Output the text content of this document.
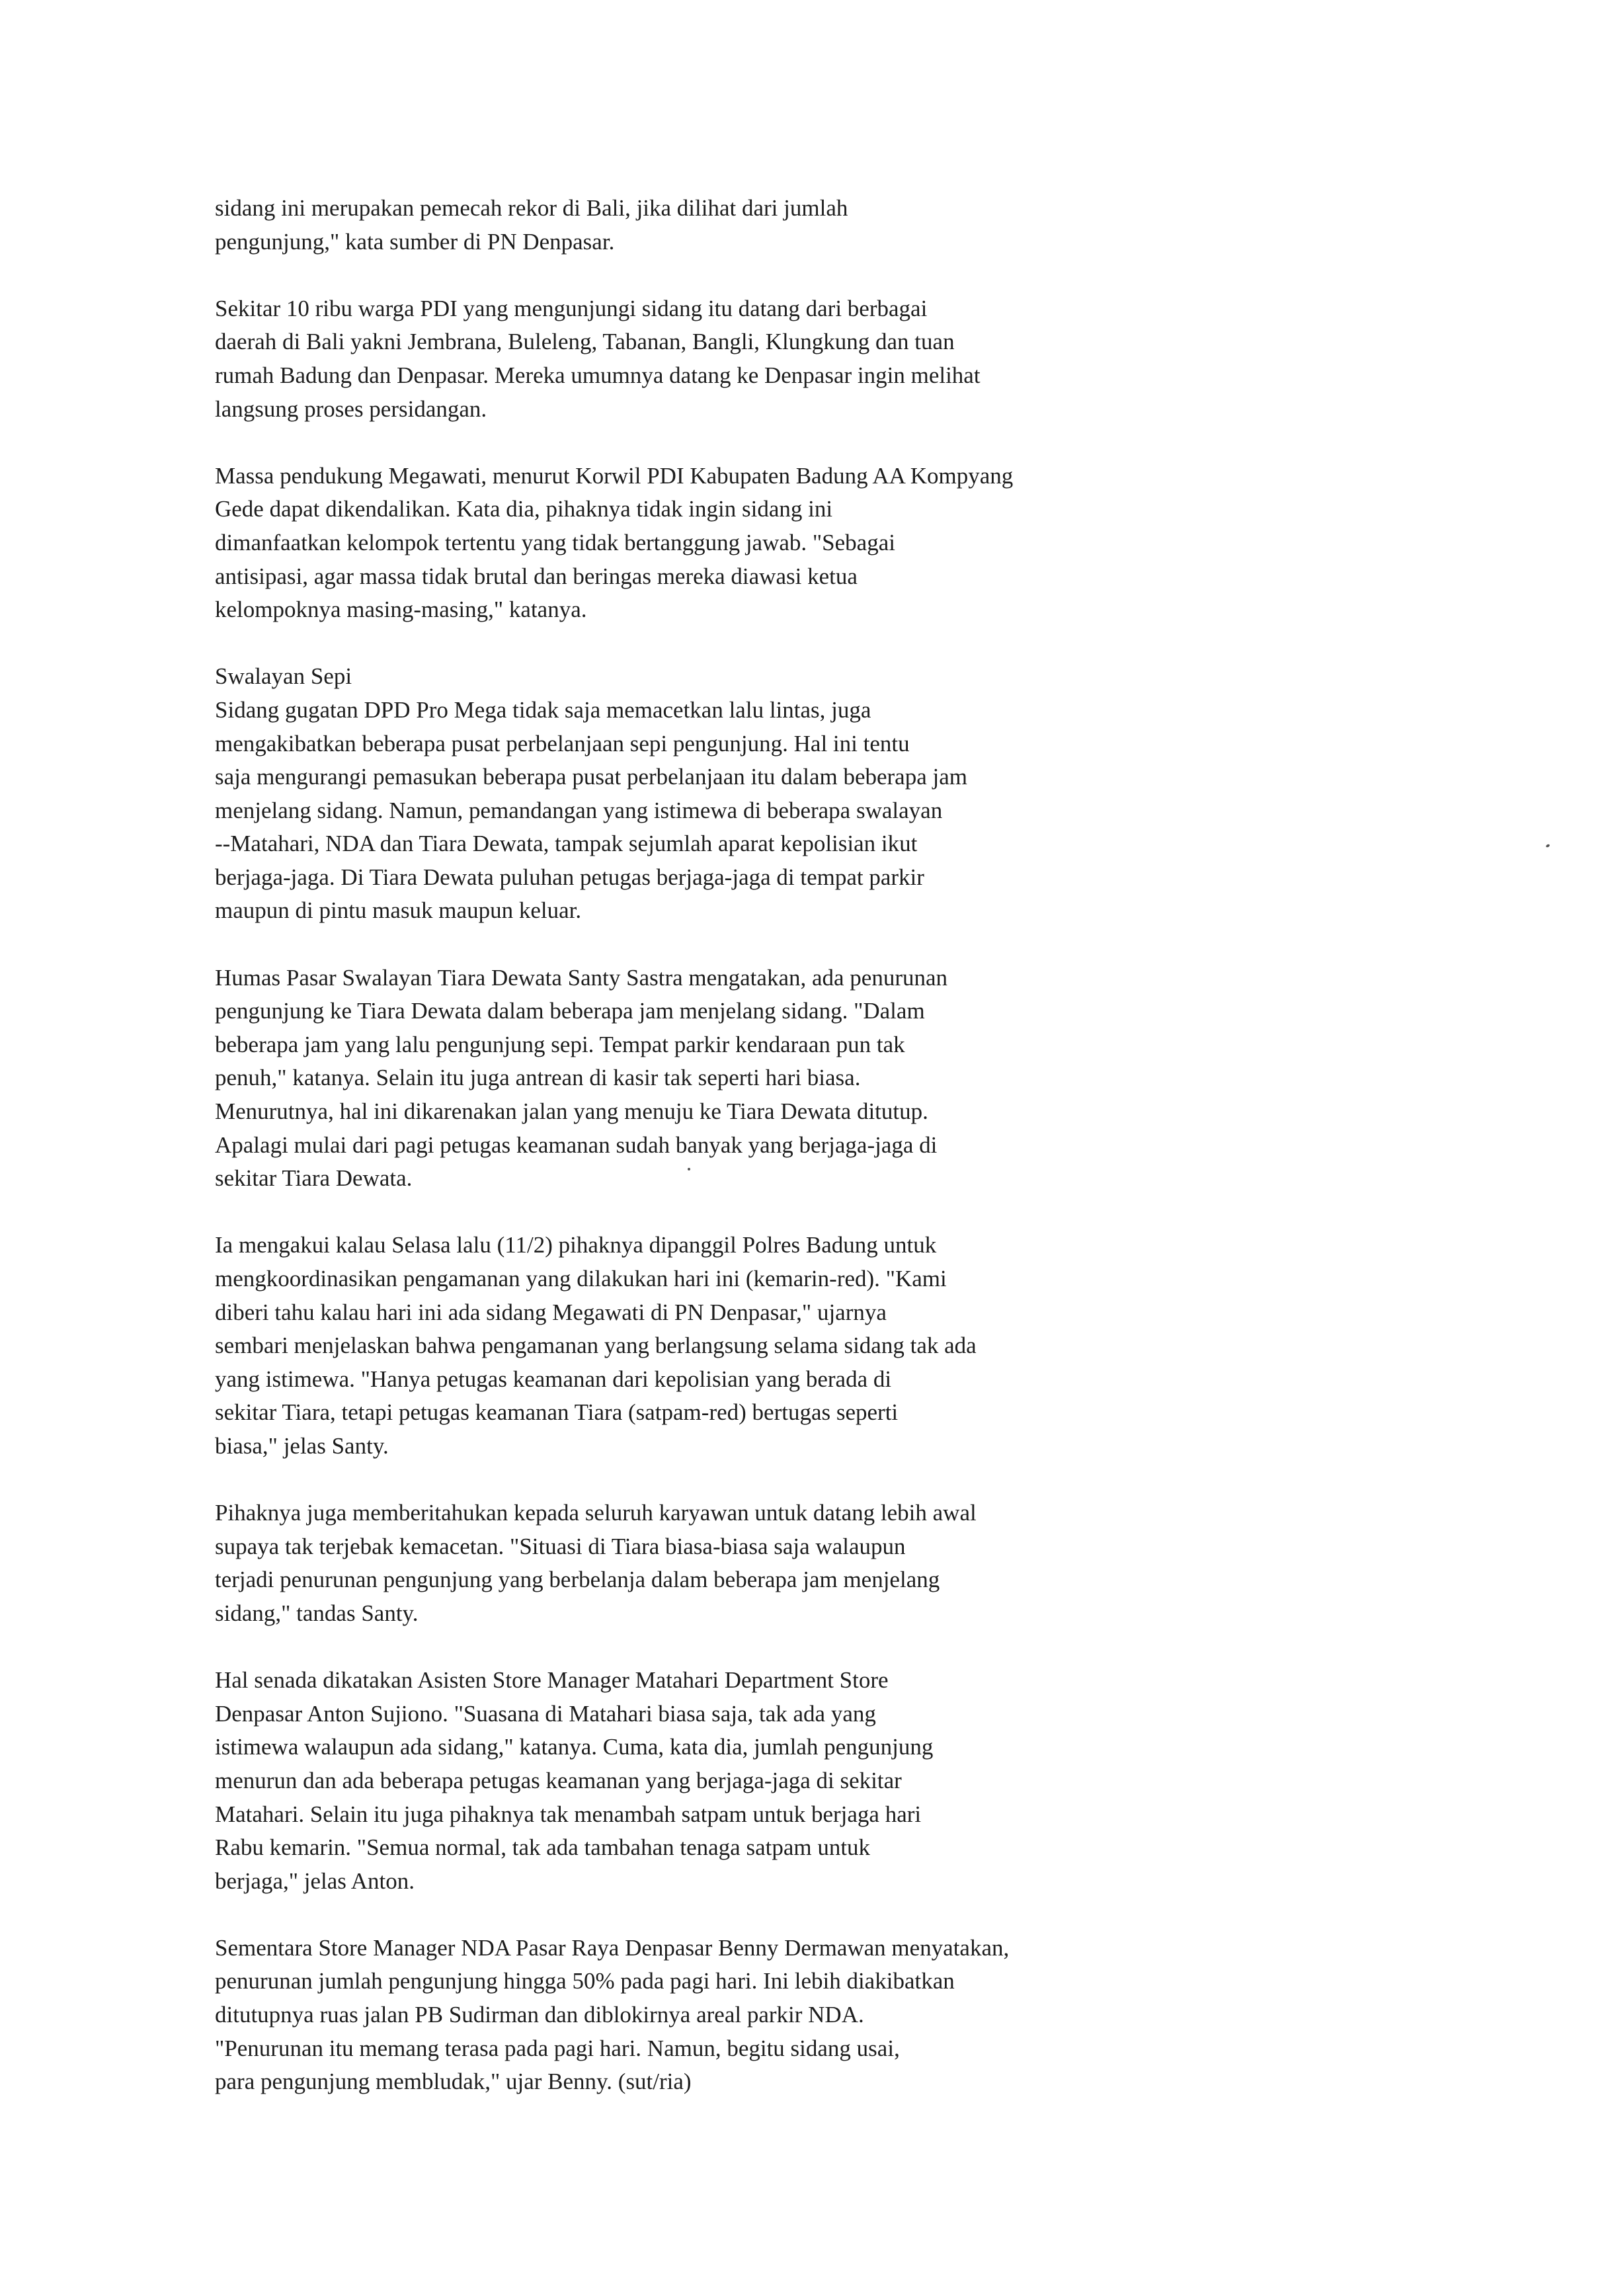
sidang ini merupakan pemecah rekor di Bali, jika dilihat dari jumlah
pengunjung," kata sumber di PN Denpasar.
Sekitar 10 ribu warga PDI yang mengunjungi sidang itu datang dari berbagai
daerah di Bali yakni Jembrana, Buleleng, Tabanan, Bangli, Klungkung dan tuan
rumah Badung dan Denpasar. Mereka umumnya datang ke Denpasar ingin melihat
langsung proses persidangan.
Massa pendukung Megawati, menurut Korwil PDI Kabupaten Badung AA Kompyang
Gede dapat dikendalikan. Kata dia, pihaknya tidak ingin sidang ini
dimanfaatkan kelompok tertentu yang tidak bertanggung jawab. "Sebagai
antisipasi, agar massa tidak brutal dan beringas mereka diawasi ketua
kelompoknya masing-masing," katanya.
Swalayan Sepi
Sidang gugatan DPD Pro Mega tidak saja memacetkan lalu lintas, juga
mengakibatkan beberapa pusat perbelanjaan sepi pengunjung. Hal ini tentu
saja mengurangi pemasukan beberapa pusat perbelanjaan itu dalam beberapa jam
menjelang sidang. Namun, pemandangan yang istimewa di beberapa swalayan
--Matahari, NDA dan Tiara Dewata, tampak sejumlah aparat kepolisian ikut
berjaga-jaga. Di Tiara Dewata puluhan petugas berjaga-jaga di tempat parkir
maupun di pintu masuk maupun keluar.
Humas Pasar Swalayan Tiara Dewata Santy Sastra mengatakan, ada penurunan
pengunjung ke Tiara Dewata dalam beberapa jam menjelang sidang. "Dalam
beberapa jam yang lalu pengunjung sepi. Tempat parkir kendaraan pun tak
penuh," katanya. Selain itu juga antrean di kasir tak seperti hari biasa.
Menurutnya, hal ini dikarenakan jalan yang menuju ke Tiara Dewata ditutup.
Apalagi mulai dari pagi petugas keamanan sudah banyak yang berjaga-jaga di
sekitar Tiara Dewata.
Ia mengakui kalau Selasa lalu (11/2) pihaknya dipanggil Polres Badung untuk
mengkoordinasikan pengamanan yang dilakukan hari ini (kemarin-red). "Kami
diberi tahu kalau hari ini ada sidang Megawati di PN Denpasar," ujarnya
sembari menjelaskan bahwa pengamanan yang berlangsung selama sidang tak ada
yang istimewa. "Hanya petugas keamanan dari kepolisian yang berada di
sekitar Tiara, tetapi petugas keamanan Tiara (satpam-red) bertugas seperti
biasa," jelas Santy.
Pihaknya juga memberitahukan kepada seluruh karyawan untuk datang lebih awal
supaya tak terjebak kemacetan. "Situasi di Tiara biasa-biasa saja walaupun
terjadi penurunan pengunjung yang berbelanja dalam beberapa jam menjelang
sidang," tandas Santy.
Hal senada dikatakan Asisten Store Manager Matahari Department Store
Denpasar Anton Sujiono. "Suasana di Matahari biasa saja, tak ada yang
istimewa walaupun ada sidang," katanya. Cuma, kata dia, jumlah pengunjung
menurun dan ada beberapa petugas keamanan yang berjaga-jaga di sekitar
Matahari. Selain itu juga pihaknya tak menambah satpam untuk berjaga hari
Rabu kemarin. "Semua normal, tak ada tambahan tenaga satpam untuk
berjaga," jelas Anton.
Sementara Store Manager NDA Pasar Raya Denpasar Benny Dermawan menyatakan,
penurunan jumlah pengunjung hingga 50% pada pagi hari. Ini lebih diakibatkan
ditutupnya ruas jalan PB Sudirman dan diblokirnya areal parkir NDA.
"Penurunan itu memang terasa pada pagi hari. Namun, begitu sidang usai,
para pengunjung membludak," ujar Benny. (sut/ria)
